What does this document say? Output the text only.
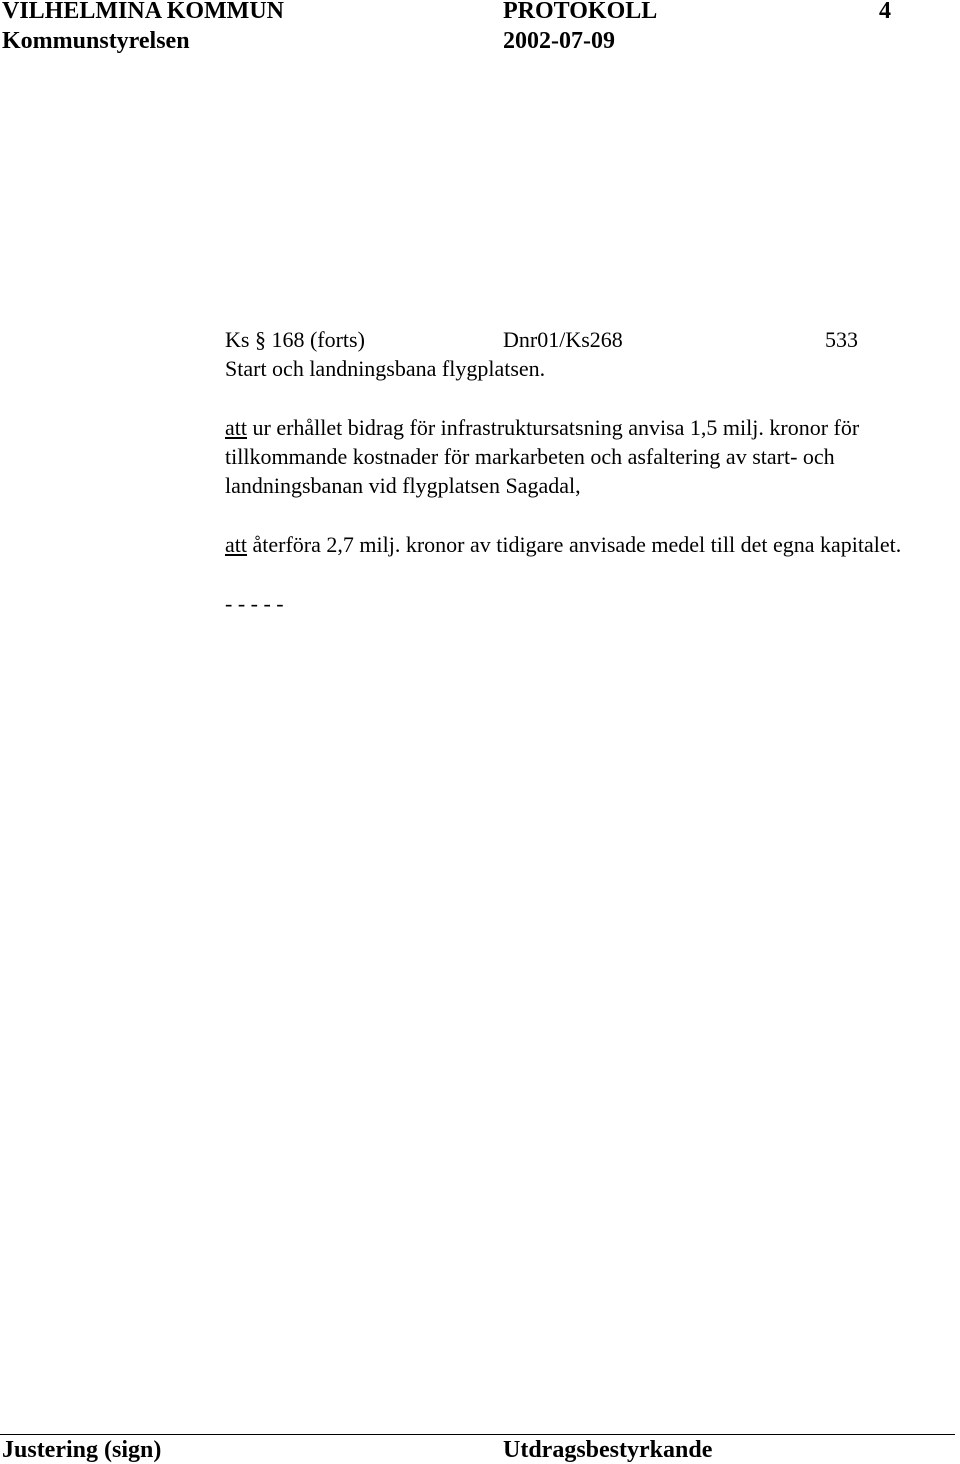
VILHELMINA KOMMUN	PROTOKOLL	4
Kommunstyrelsen	2002-07-09
Ks § 168 (forts)	Dnr01/Ks268	533
Start och landningsbana flygplatsen.
att ur erhållet bidrag för infrastruktursatsning anvisa 1,5 milj. kronor för tillkommande kostnader för markarbeten och asfaltering av start- och landningsbanan vid flygplatsen Sagadal,
att återföra 2,7 milj. kronor av tidigare anvisade medel till det egna kapitalet.
- - - - -
Justering (sign)	Utdragsbestyrkande
